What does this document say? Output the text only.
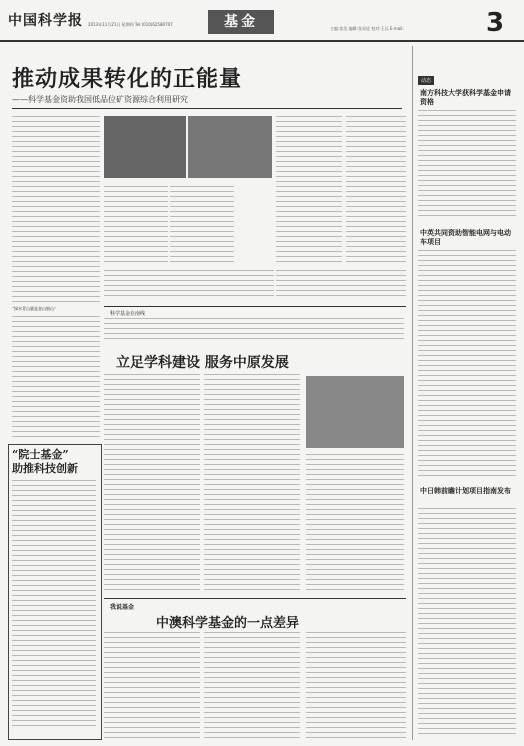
中国科学报 2013年11月21日 星期四 Tel:(010)62580707	基金	主编:张浩 编辑:张双虎 校对:王远 E-mail:	3
推动成果转化的正能量
——科学基金资助我国低品位矿资源综合利用研究
“绿水青山就是金山银山”
科学基金在南线
立足学科建设 服务中原发展
“院士基金”
助推科技创新
我说基金
中澳科学基金的一点差异
动态
南方科技大学获科学基金申请资格
中英共同资助智能电网与电动车项目
中日韩前瞻计划项目指南发布
